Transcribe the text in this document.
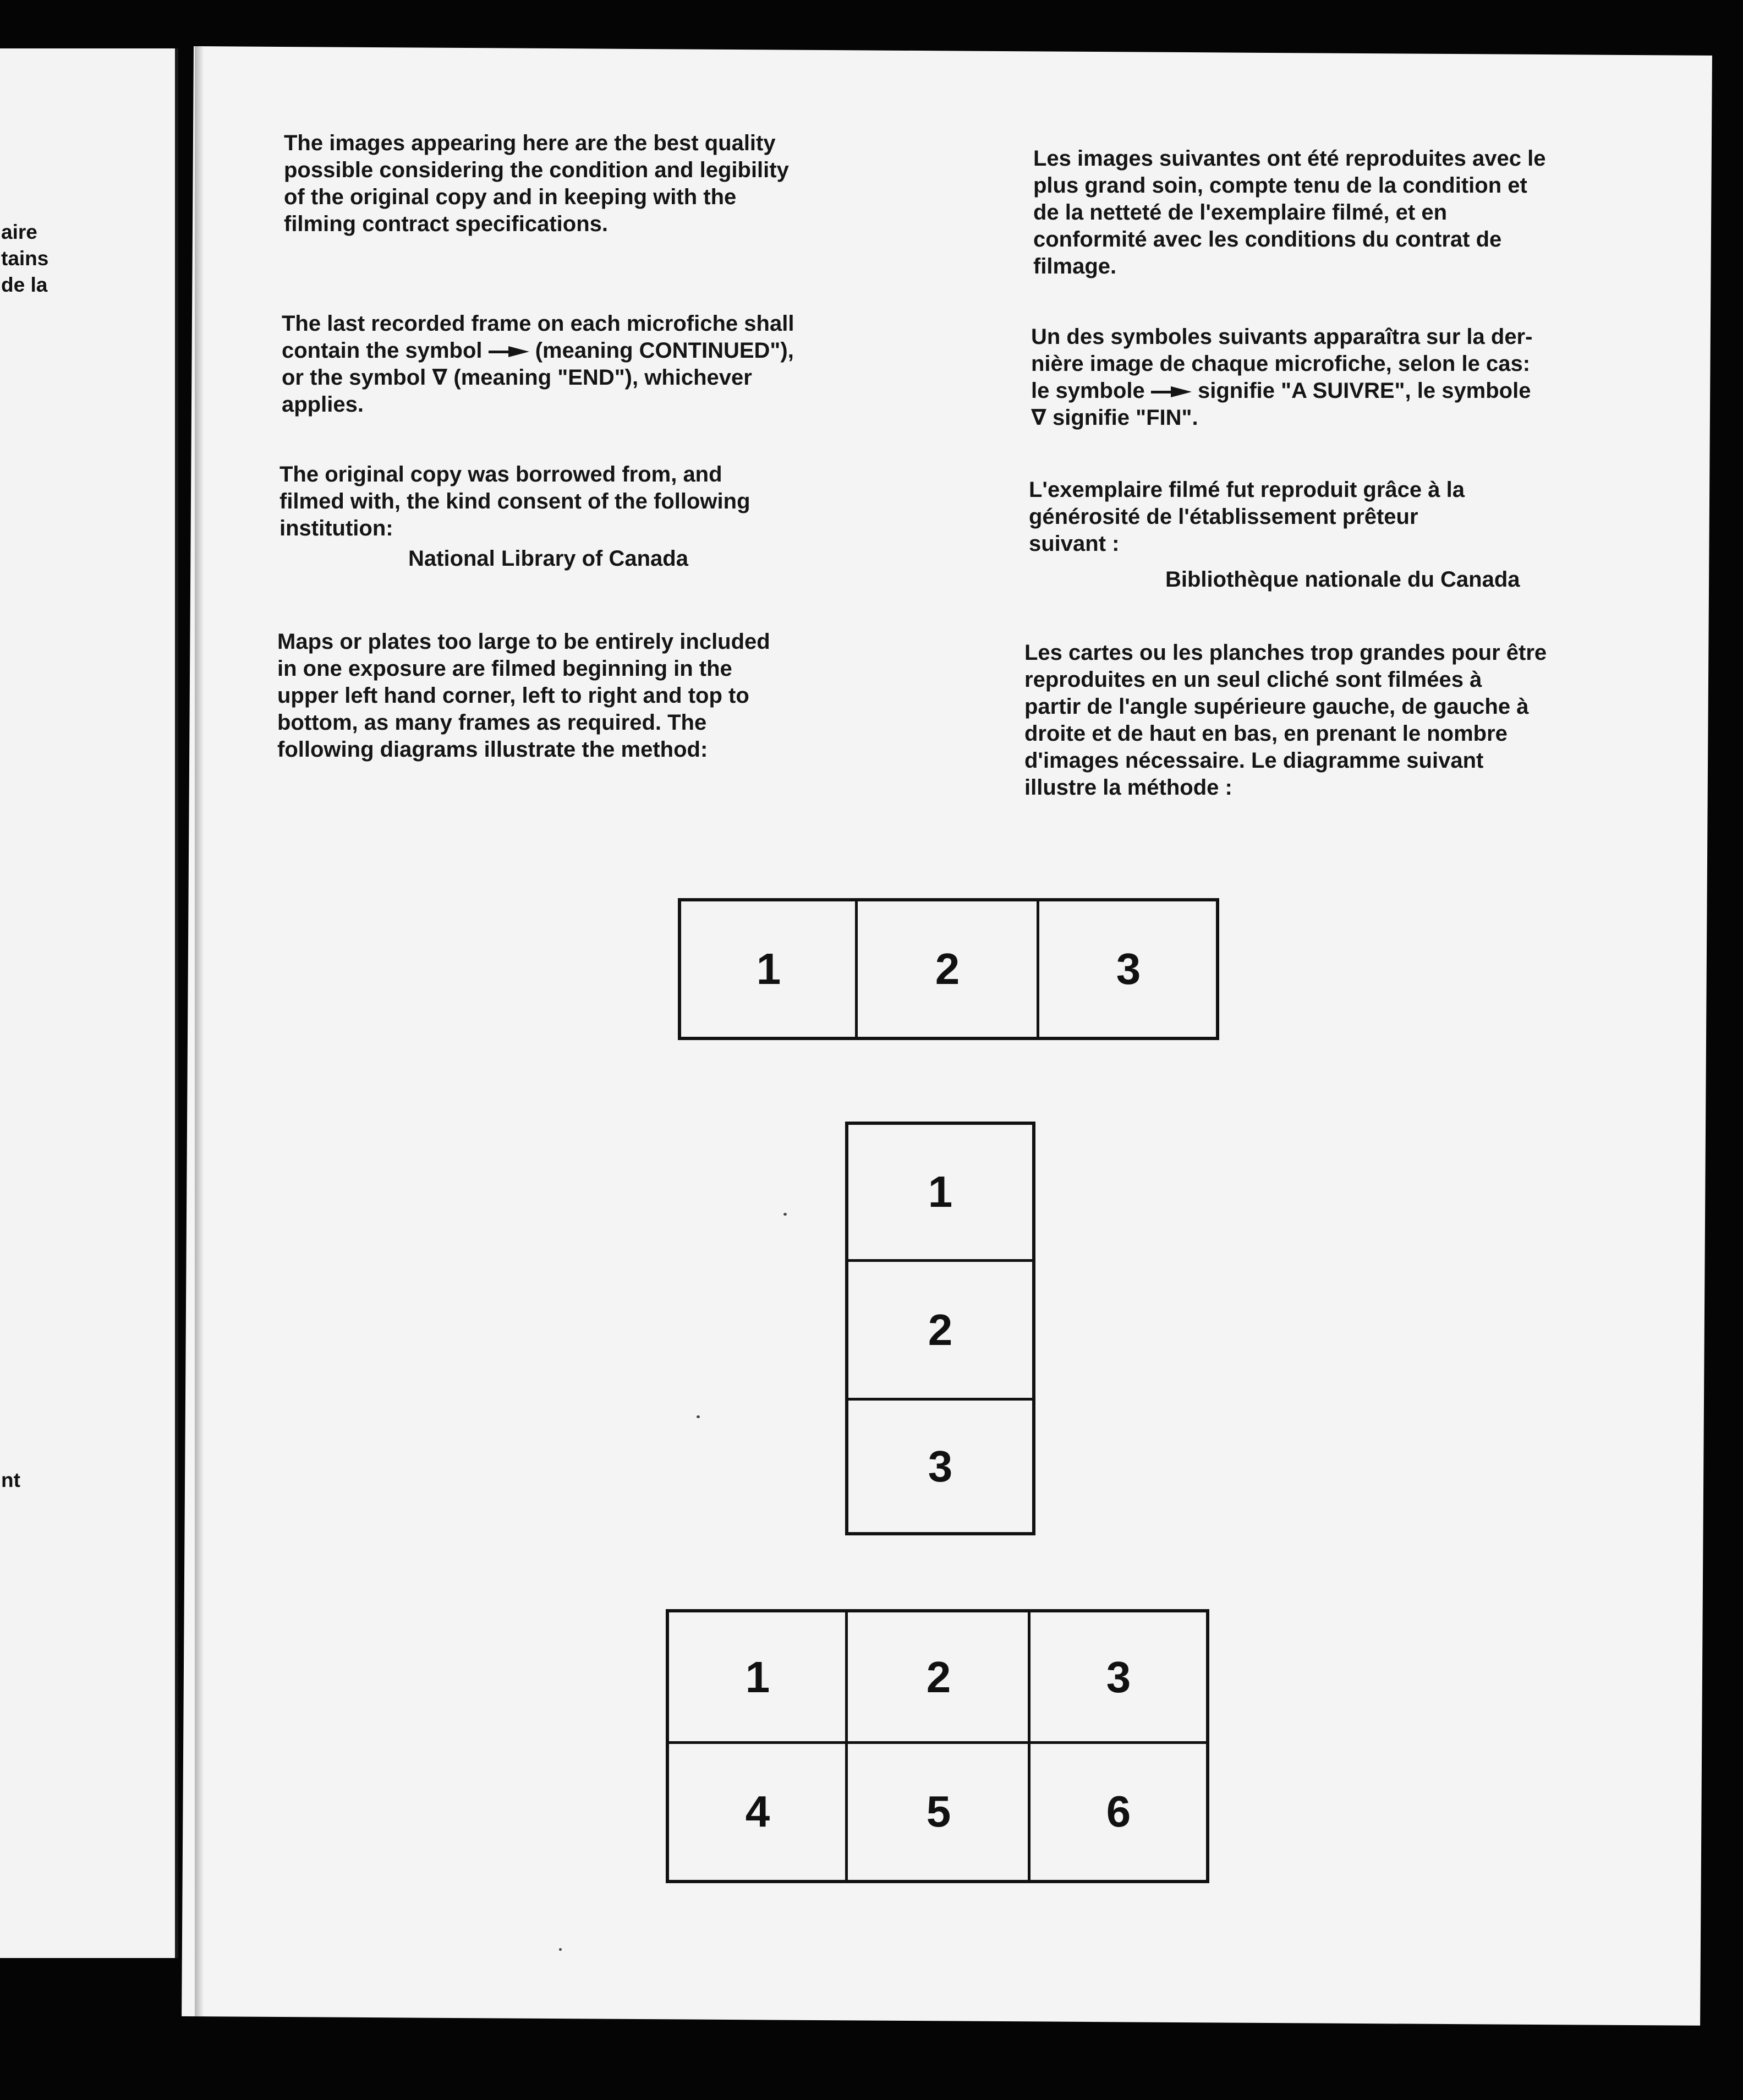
aire
tains
de la
nt
The images appearing here are the best quality
possible considering the condition and legibility
of the original copy and in keeping with the
filming contract specifications.
The last recorded frame on each microfiche shall
contain the symbol  (meaning CONTINUED"),
or the symbol ∇ (meaning "END"), whichever
applies.
The original copy was borrowed from, and
filmed with, the kind consent of the following
institution:
National Library of Canada
Maps or plates too large to be entirely included
in one exposure are filmed beginning in the
upper left hand corner, left to right and top to
bottom, as many frames as required. The
following diagrams illustrate the method:
Les images suivantes ont été reproduites avec le
plus grand soin, compte tenu de la condition et
de la netteté de l'exemplaire filmé, et en
conformité avec les conditions du contrat de
filmage.
Un des symboles suivants apparaîtra sur la der-
nière image de chaque microfiche, selon le cas:
le symbole  signifie "A SUIVRE", le symbole
∇ signifie "FIN".
L'exemplaire filmé fut reproduit grâce à la
générosité de l'établissement prêteur
suivant :
Bibliothèque nationale du Canada
Les cartes ou les planches trop grandes pour être
reproduites en un seul cliché sont filmées à
partir de l'angle supérieure gauche, de gauche à
droite et de haut en bas, en prenant le nombre
d'images nécessaire. Le diagramme suivant
illustre la méthode :
1	2	3
1
2
3
1	2	3
4	5	6
